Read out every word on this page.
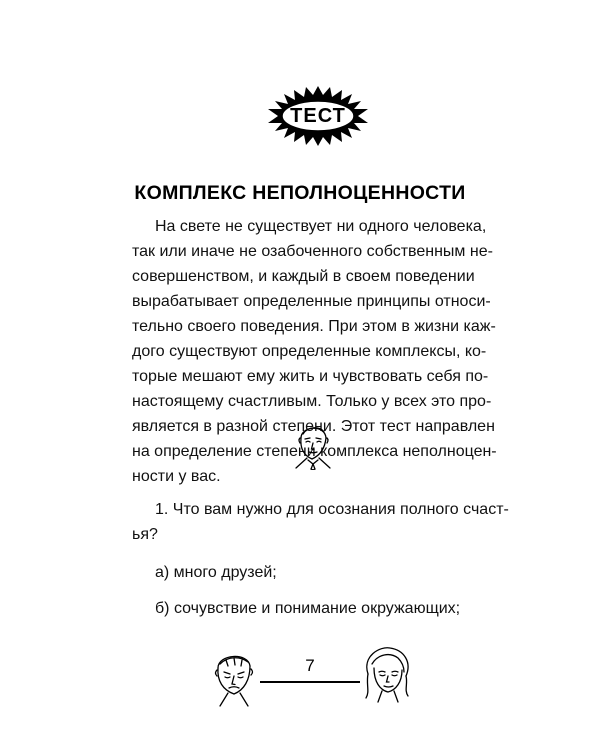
ТЕСТ
КОМПЛЕКС НЕПОЛНОЦЕННОСТИ
На свете не существует ни одного человека,
так или иначе не озабоченного собственным не-
совершенством, и каждый в своем поведении
вырабатывает определенные принципы относи-
тельно своего поведения. При этом в жизни каж-
дого существуют определенные комплексы, ко-
торые мешают ему жить и чувствовать себя по-
настоящему счастливым. Только у всех это про-
является в разной степени. Этот тест направлен
на определение степени комплекса неполноцен-
ности у вас.
1. Что вам нужно для осознания полного счаст-
ья?
а) много друзей;
б) сочувствие и понимание окружающих;
7
